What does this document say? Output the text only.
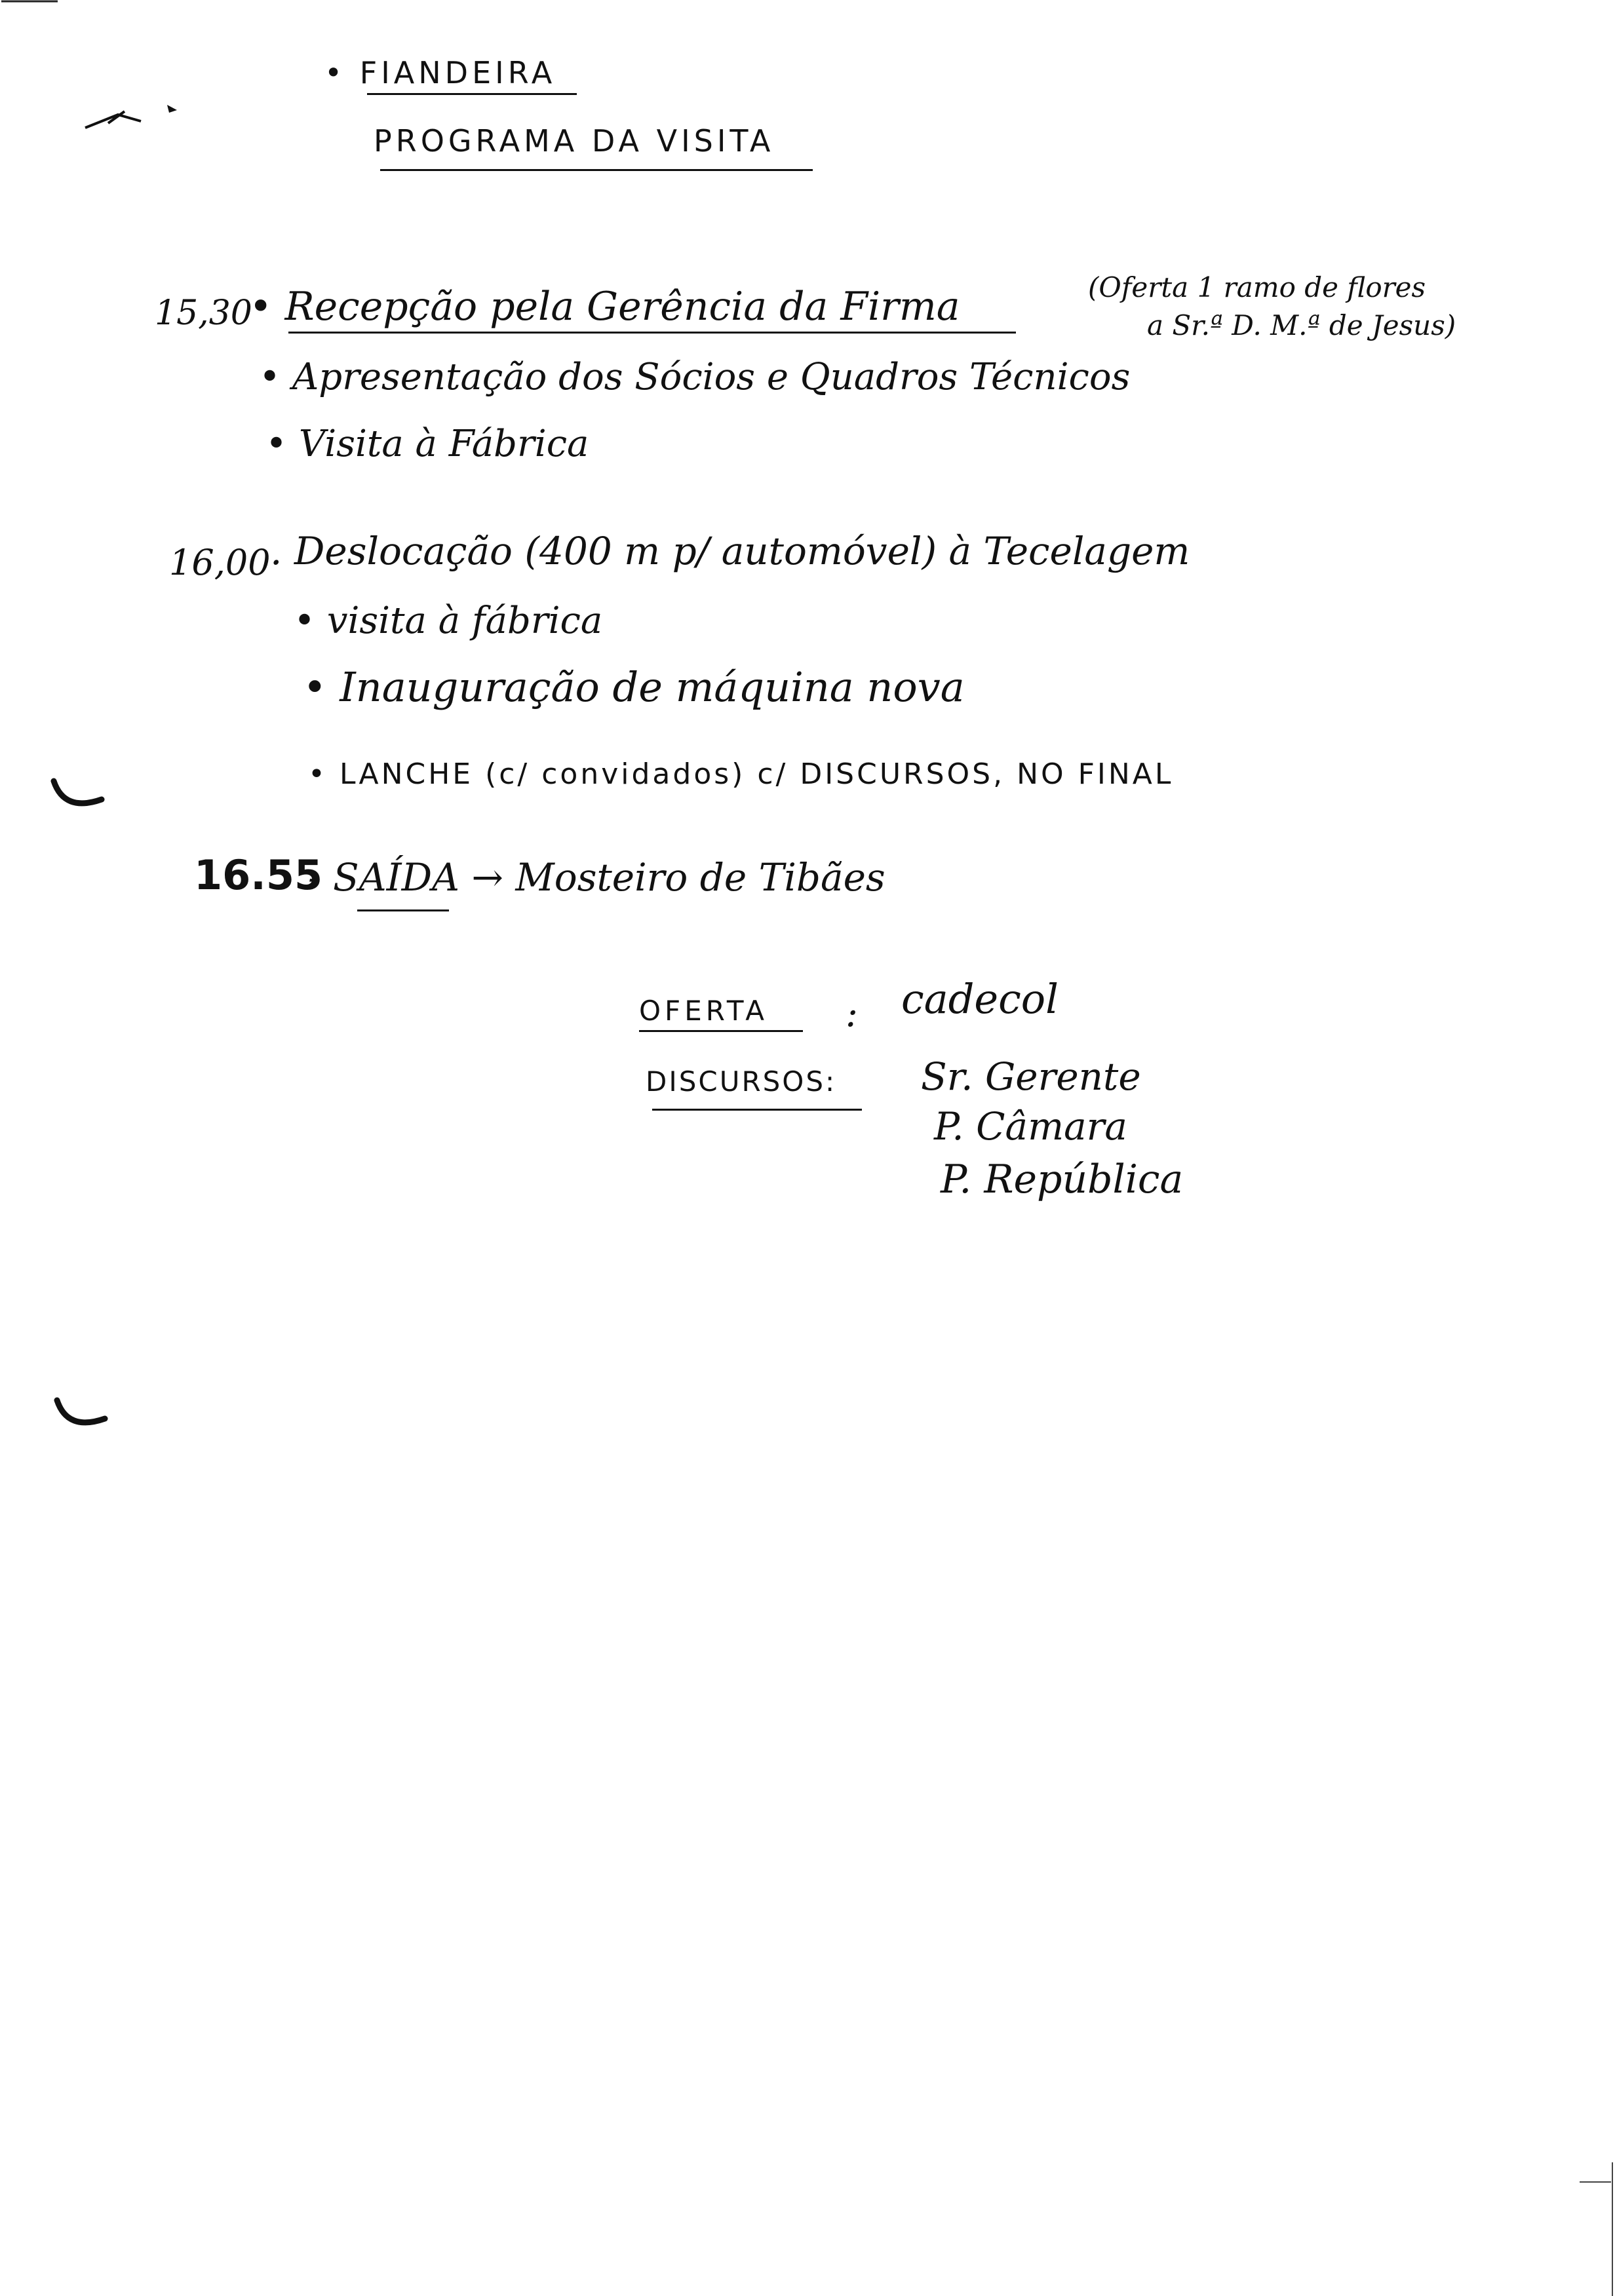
• FIANDEIRA
PROGRAMA DA VISITA
15,30
• Recepção pela Gerência da Firma	(Oferta 1 ramo de flores
a Sr.ª D. M.ª de Jesus)
• Apresentação dos Sócios e Quadros Técnicos
• Visita à Fábrica
16,00 . Deslocação (400 m p/ automóvel) à Tecelagem
• visita à fábrica
• Inauguração de máquina nova
• LANCHE (c/ convidados) c/ DISCURSOS, NO FINAL
16.55
- SAÍDA → Mosteiro de Tibães
OFERTA : cadecol
DISCURSOS: Sr. Gerente
P. Câmara
P. República
